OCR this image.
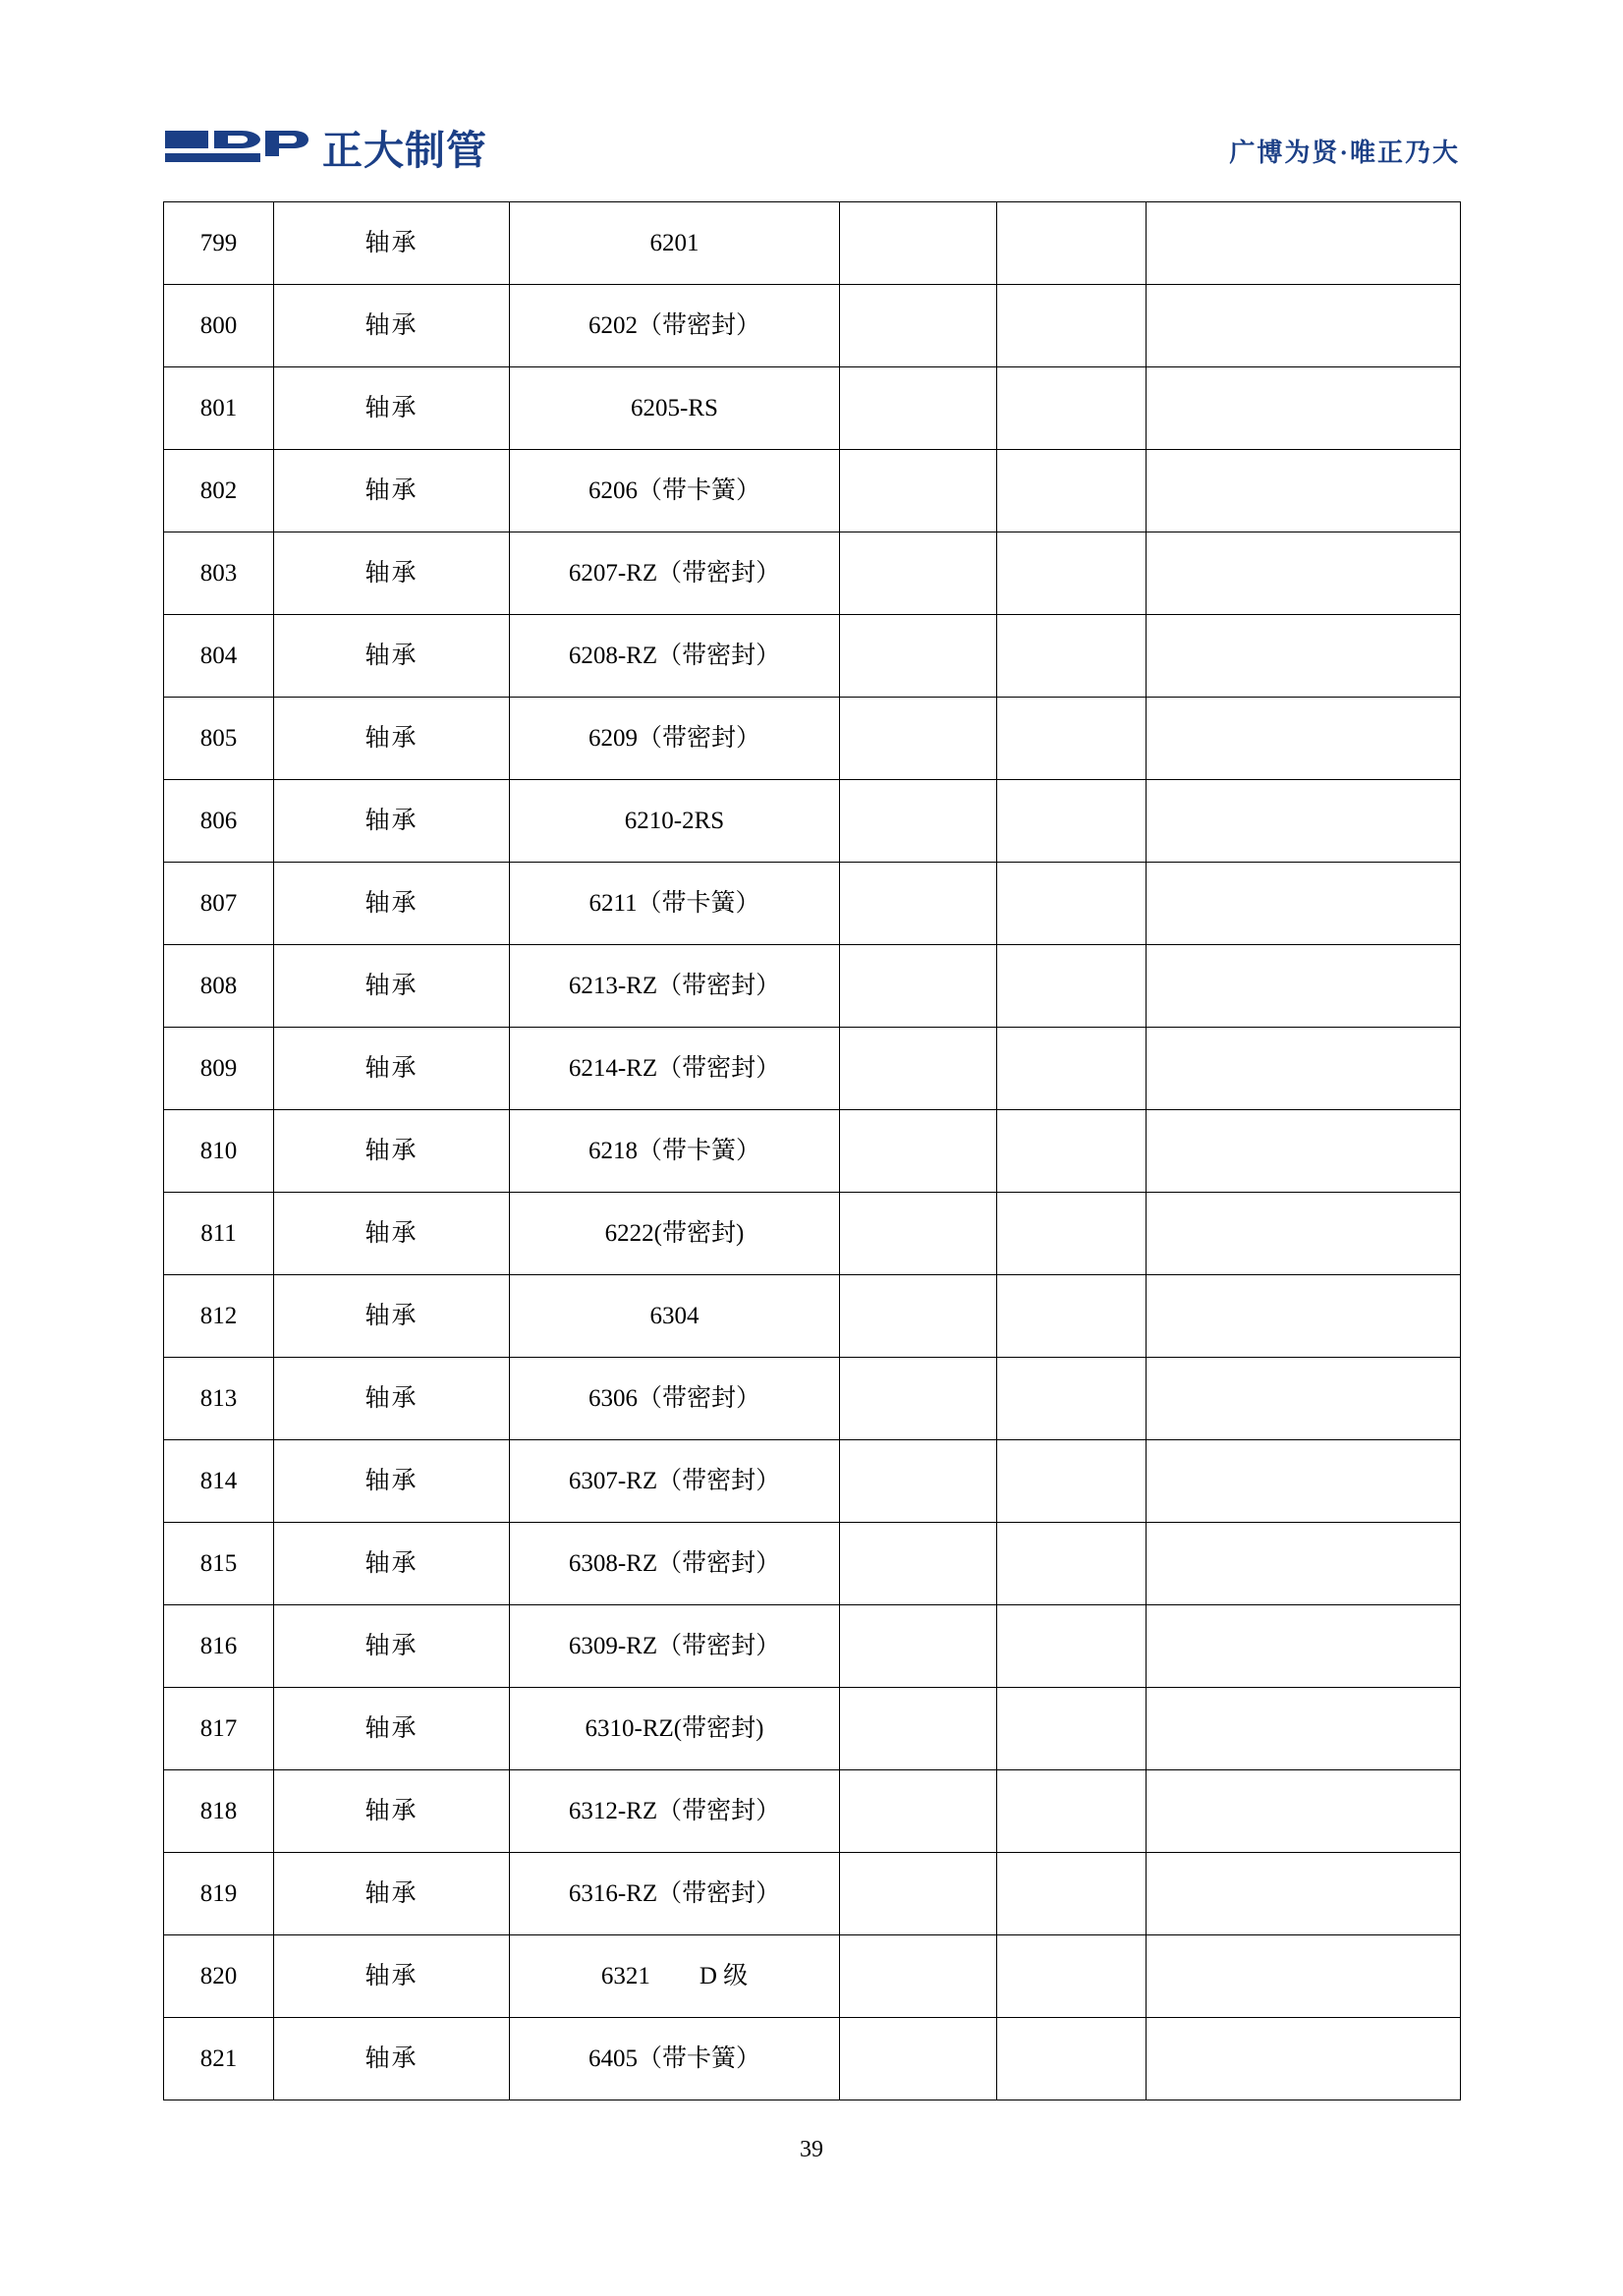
正大制管	广博为贤·唯正乃大
799	轴承	6201			
800	轴承	6202（带密封）			
801	轴承	6205-RS			
802	轴承	6206（带卡簧）			
803	轴承	6207-RZ（带密封）			
804	轴承	6208-RZ（带密封）			
805	轴承	6209（带密封）			
806	轴承	6210-2RS			
807	轴承	6211（带卡簧）			
808	轴承	6213-RZ（带密封）			
809	轴承	6214-RZ（带密封）			
810	轴承	6218（带卡簧）			
811	轴承	6222(带密封)			
812	轴承	6304			
813	轴承	6306（带密封）			
814	轴承	6307-RZ（带密封）			
815	轴承	6308-RZ（带密封）			
816	轴承	6309-RZ（带密封）			
817	轴承	6310-RZ(带密封)			
818	轴承	6312-RZ（带密封）			
819	轴承	6316-RZ（带密封）			
820	轴承	6321　　D 级			
821	轴承	6405（带卡簧）			
39
